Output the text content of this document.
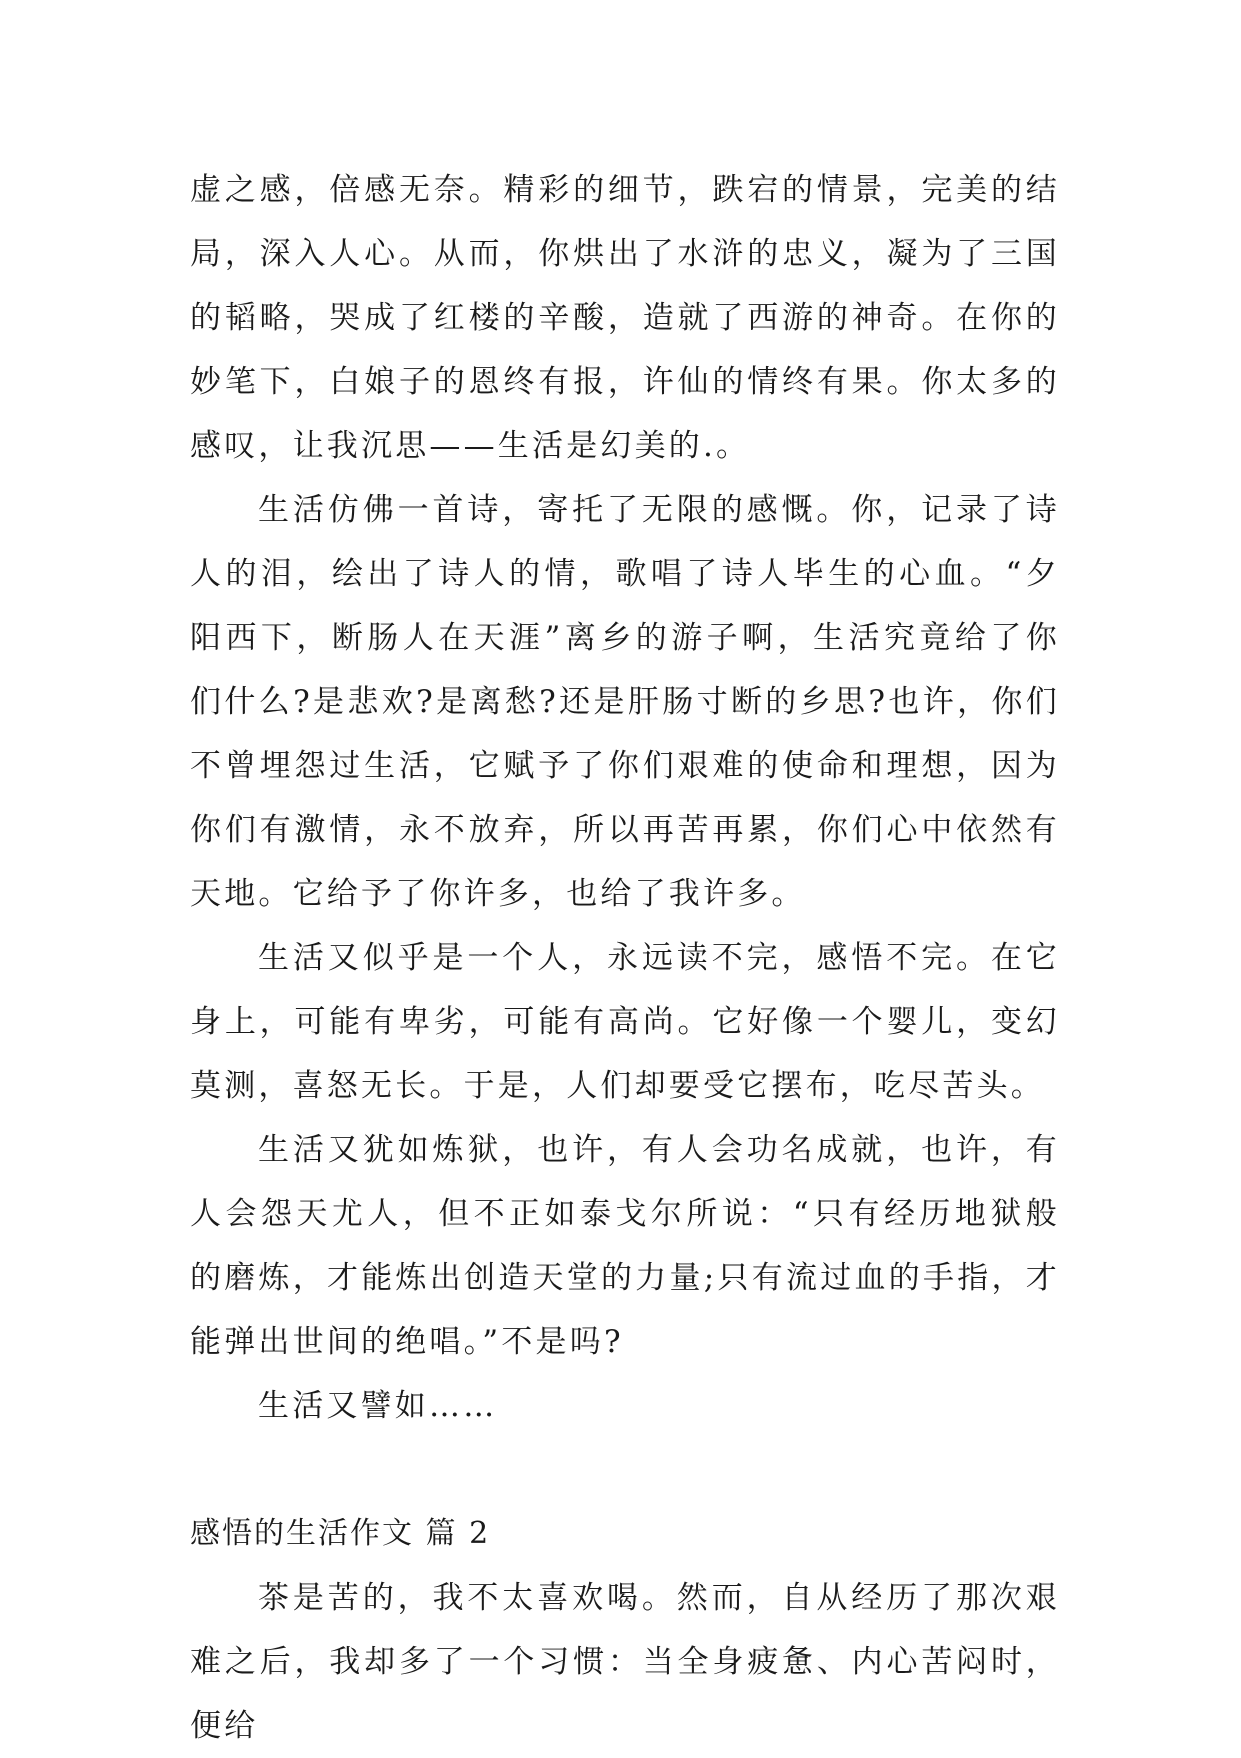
虚之感，倍感无奈。精彩的细节，跌宕的情景，完美的结局，深入人心。从而，你烘出了水浒的忠义，凝为了三国的韬略，哭成了红楼的辛酸，造就了西游的神奇。在你的妙笔下，白娘子的恩终有报，许仙的情终有果。你太多的感叹，让我沉思——生活是幻美的.。

生活仿佛一首诗，寄托了无限的感慨。你，记录了诗人的泪，绘出了诗人的情，歌唱了诗人毕生的心血。“夕阳西下，断肠人在天涯”离乡的游子啊，生活究竟给了你们什么?是悲欢?是离愁?还是肝肠寸断的乡思?也许，你们不曾埋怨过生活，它赋予了你们艰难的使命和理想，因为你们有激情，永不放弃，所以再苦再累，你们心中依然有天地。它给予了你许多，也给了我许多。

生活又似乎是一个人，永远读不完，感悟不完。在它身上，可能有卑劣，可能有高尚。它好像一个婴儿，变幻莫测，喜怒无长。于是，人们却要受它摆布，吃尽苦头。

生活又犹如炼狱，也许，有人会功名成就，也许，有人会怨天尤人，但不正如泰戈尔所说：“只有经历地狱般的磨炼，才能炼出创造天堂的力量;只有流过血的手指，才能弹出世间的绝唱。”不是吗?

生活又譬如……

感悟的生活作文 篇 2

茶是苦的，我不太喜欢喝。然而，自从经历了那次艰难之后，我却多了一个习惯：当全身疲惫、内心苦闷时，便给
